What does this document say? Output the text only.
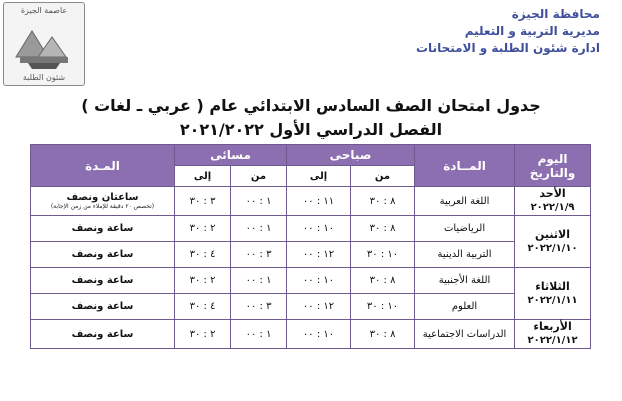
عاصمة الجيزة
شئون الطلبة
محافظة الجيزة
مديرية التربية و التعليم
ادارة شئون الطلبة و الامتحانات
جدول امتحان الصف السادس الابتدائي عام ( عربي ـ لغات )
الفصل الدراسي الأول ٢٠٢١/٢٠٢٢
اليوم والتاريخ	المــادة	صباحى		مسائى		المـدة
		من	إلى	من	إلى	

الأحد
٢٠٢٢/١/٩	اللغة العربية	٨ : ٣٠	١١ : ٠٠	١ : ٠٠	٣ : ٣٠	ساعتان ونصف
(تخصص ٢٠ دقيقة للإملاء من زمن الإجابة)

الاثنين
٢٠٢٢/١/١٠	الرياضيات	٨ : ٣٠	١٠ : ٠٠	١ : ٠٠	٢ : ٣٠	ساعة ونصف
	التربية الدينية	١٠ : ٣٠	١٢ : ٠٠	٣ : ٠٠	٤ : ٣٠	ساعة ونصف

الثلاثاء
٢٠٢٢/١/١١	اللغة الأجنبية	٨ : ٣٠	١٠ : ٠٠	١ : ٠٠	٢ : ٣٠	ساعة ونصف
	العلوم	١٠ : ٣٠	١٢ : ٠٠	٣ : ٠٠	٤ : ٣٠	ساعة ونصف

الأربعاء
٢٠٢٢/١/١٢	الدراسات الاجتماعية	٨ : ٣٠	١٠ : ٠٠	١ : ٠٠	٢ : ٣٠	ساعة ونصف
